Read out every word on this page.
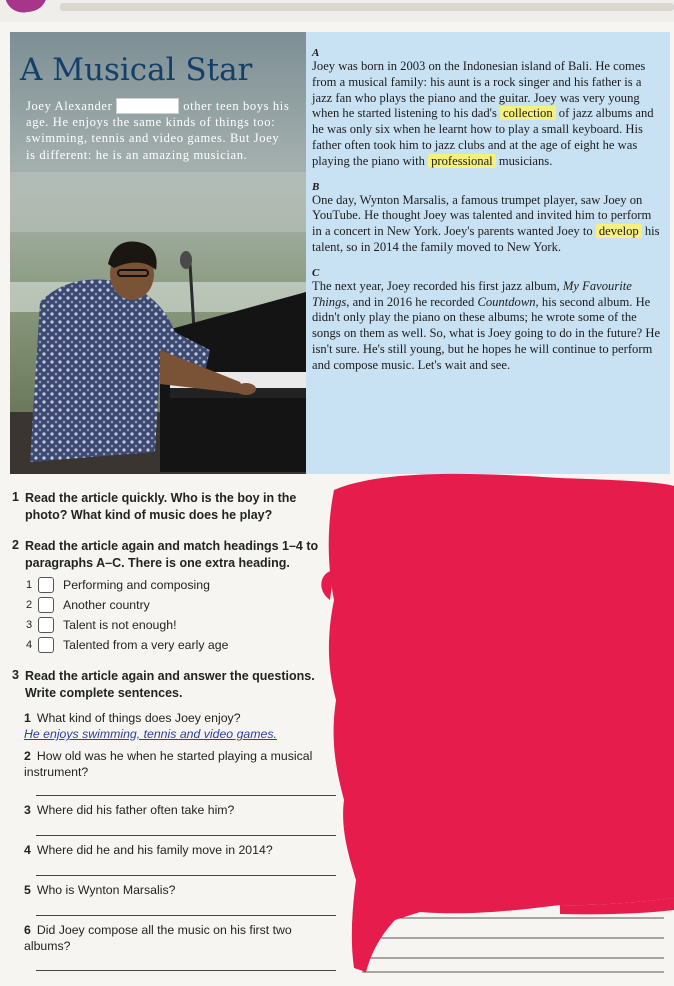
A Musical Star
Joey Alexander looks like other teen boys his age. He enjoys the same kinds of things too: swimming, tennis and video games. But Joey is different: he is an amazing musician.
A

Joey was born in 2003 on the Indonesian island of Bali. He comes from a musical family: his aunt is a rock singer and his father is a jazz fan who plays the piano and the guitar. Joey was very young when he started listening to his dad's collection of jazz albums and he was only six when he learnt how to play a small keyboard. His father often took him to jazz clubs and at the age of eight he was playing the piano with professional musicians.

B

One day, Wynton Marsalis, a famous trumpet player, saw Joey on YouTube. He thought Joey was talented and invited him to perform in a concert in New York. Joey's parents wanted Joey to develop his talent, so in 2014 the family moved to New York.

C

The next year, Joey recorded his first jazz album, My Favourite Things, and in 2016 he recorded Countdown, his second album. He didn't only play the piano on these albums; he wrote some of the songs on them as well. So, what is Joey going to do in the future? He isn't sure. He's still young, but he hopes he will continue to perform and compose music. Let's wait and see.

1 Read the article quickly. Who is the boy in the photo? What kind of music does he play?
2 Read the article again and match headings 1–4 to paragraphs A–C. There is one extra heading.
1	Performing and composing
2	Another country
3	Talent is not enough!
4	Talented from a very early age
3 Read the article again and answer the questions. Write complete sentences.
1 What kind of things does Joey enjoy?
He enjoys swimming, tennis and video games.
2 How old was he when he started playing a musical instrument?
3 Where did his father often take him?
4 Where did he and his family move in 2014?
5 Who is Wynton Marsalis?
6 Did Joey compose all the music on his first two albums?
